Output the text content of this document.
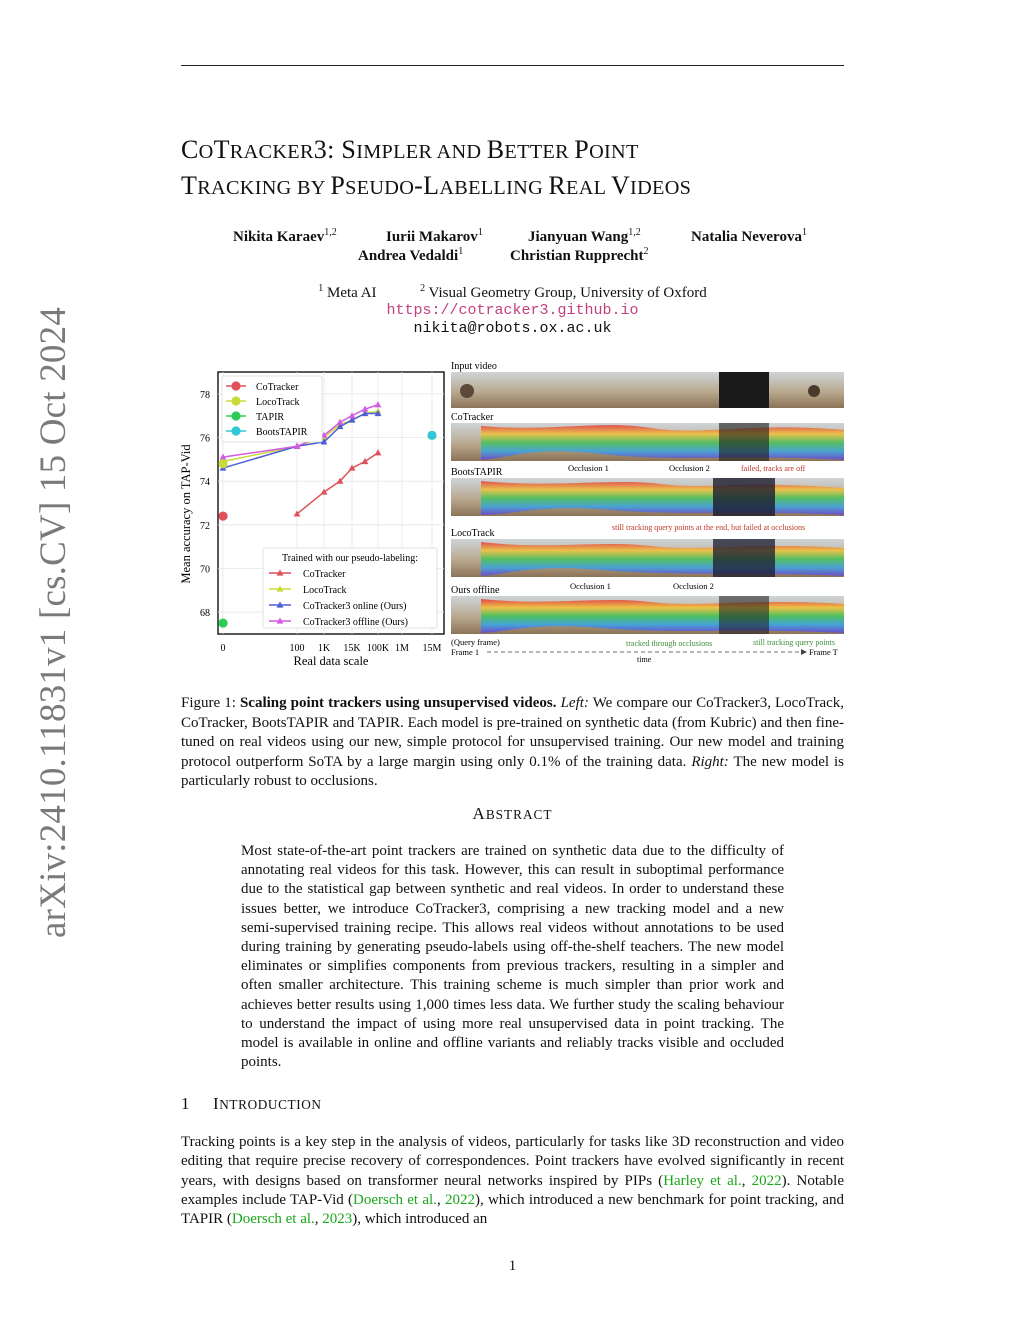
arXiv:2410.11831v1 [cs.CV] 15 Oct 2024
COTRACKER3: SIMPLER AND BETTER POINT
TRACKING BY PSEUDO-LABELLING REAL VIDEOS
Nikita Karaev$^{1,2}$	Iurii Makarov$^1$	Jianyuan Wang$^{1,2}$	Natalia Neverova$^1$
Andrea Vedaldi$^1$	Christian Rupprecht$^2$
$^1$ Meta AI	$^2$ Visual Geometry Group, University of Oxford
https://cotracker3.github.io
nikita@robots.ox.ac.uk
68
70
72
74
76
78
0	100 1K 15K 100K 1M 15M
Mean accuracy on TAP-Vid
Real data scale
CoTracker
LocoTrack
TAPIR
BootsTAPIR
Trained with our pseudo-labeling:
CoTracker
LocoTrack
CoTracker3 online (Ours)
CoTracker3 offline (Ours)
Input video
CoTracker
BootsTAPIR	Occlusion 1	Occlusion 2	failed, tracks are off
still tracking query points at the end, but failed at occlusions
LocoTrack
Ours offline	Occlusion 1	Occlusion 2
(Query frame)	tracked through occlusions	still tracking query points
Frame 1	Frame T
time
Figure 1: Scaling point trackers using unsupervised videos. Left: We compare our CoTracker3, LocoTrack, CoTracker, BootsTAPIR and TAPIR. Each model is pre-trained on synthetic data (from Kubric) and then fine-tuned on real videos using our new, simple protocol for unsupervised training. Our new model and training protocol outperform SoTA by a large margin using only 0.1% of the training data. Right: The new model is particularly robust to occlusions.
ABSTRACT
Most state-of-the-art point trackers are trained on synthetic data due to the difficulty of annotating real videos for this task. However, this can result in suboptimal performance due to the statistical gap between synthetic and real videos. In order to understand these issues better, we introduce CoTracker3, comprising a new tracking model and a new semi-supervised training recipe. This allows real videos without annotations to be used during training by generating pseudo-labels using off-the-shelf teachers. The new model eliminates or simplifies components from previous trackers, resulting in a simpler and often smaller architecture. This training scheme is much simpler than prior work and achieves better results using 1,000 times less data. We further study the scaling behaviour to understand the impact of using more real unsupervised data in point tracking. The model is available in online and offline variants and reliably tracks visible and occluded points.
1 INTRODUCTION
Tracking points is a key step in the analysis of videos, particularly for tasks like 3D reconstruction and video editing that require precise recovery of correspondences. Point trackers have evolved significantly in recent years, with designs based on transformer neural networks inspired by PIPs (Harley et al., 2022). Notable examples include TAP-Vid (Doersch et al., 2022), which introduced a new benchmark for point tracking, and TAPIR (Doersch et al., 2023), which introduced an
1
